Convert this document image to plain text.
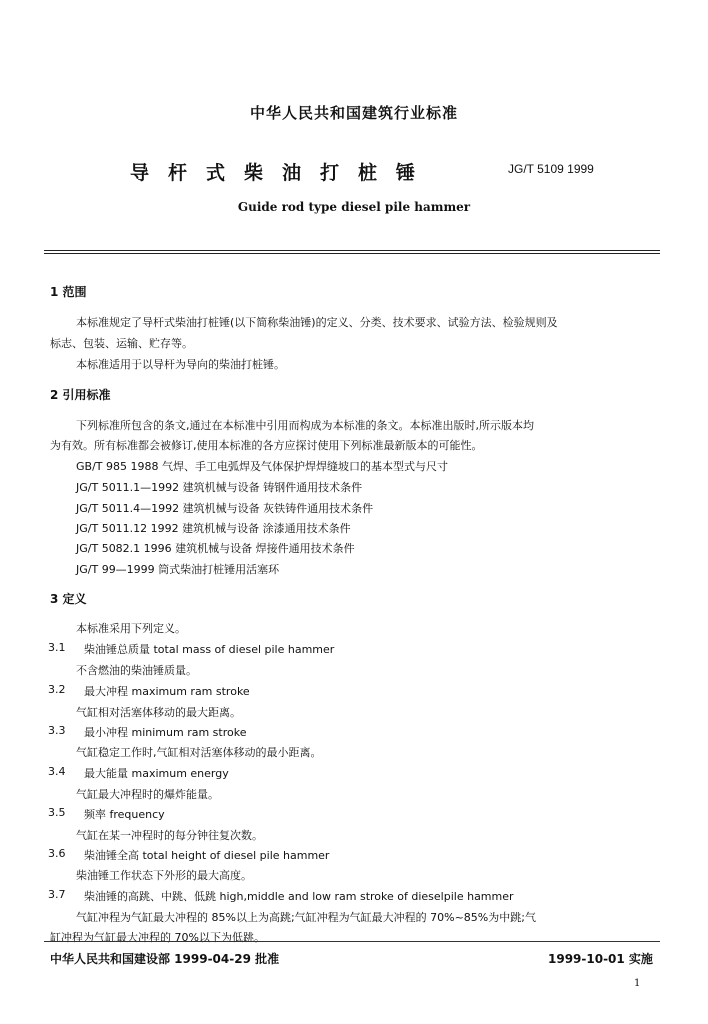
中华人民共和国建筑行业标准
导杆式柴油打桩锤	JG/T 5109 1999
Guide rod type diesel pile hammer
1 范围
本标准规定了导杆式柴油打桩锤(以下简称柴油锤)的定义、分类、技术要求、试验方法、检验规则及
标志、包装、运输、贮存等。
本标准适用于以导杆为导向的柴油打桩锤。
2 引用标准
下列标准所包含的条文,通过在本标准中引用而构成为本标准的条文。本标准出版时,所示版本均
为有效。所有标准都会被修订,使用本标准的各方应探讨使用下列标准最新版本的可能性。
GB/T 985 1988 气焊、手工电弧焊及气体保护焊焊缝坡口的基本型式与尺寸
JG/T 5011.1—1992 建筑机械与设备 铸钢件通用技术条件
JG/T 5011.4—1992 建筑机械与设备 灰铁铸件通用技术条件
JG/T 5011.12 1992 建筑机械与设备 涂漆通用技术条件
JG/T 5082.1 1996 建筑机械与设备 焊接件通用技术条件
JG/T 99—1999 筒式柴油打桩锤用活塞环
3 定义
本标准采用下列定义。
3.1 柴油锤总质量 total mass of diesel pile hammer
不含燃油的柴油锤质量。
3.2 最大冲程 maximum ram stroke
气缸相对活塞体移动的最大距离。
3.3 最小冲程 minimum ram stroke
气缸稳定工作时,气缸相对活塞体移动的最小距离。
3.4 最大能量 maximum energy
气缸最大冲程时的爆炸能量。
3.5 频率 frequency
气缸在某一冲程时的每分钟往复次数。
3.6 柴油锤全高 total height of diesel pile hammer
柴油锤工作状态下外形的最大高度。
3.7 柴油锤的高跳、中跳、低跳 high,middle and low ram stroke of dieselpile hammer
气缸冲程为气缸最大冲程的 85%以上为高跳;气缸冲程为气缸最大冲程的 70%~85%为中跳;气
缸冲程为气缸最大冲程的 70%以下为低跳。
中华人民共和国建设部 1999-04-29 批准	1999-10-01 实施
1
